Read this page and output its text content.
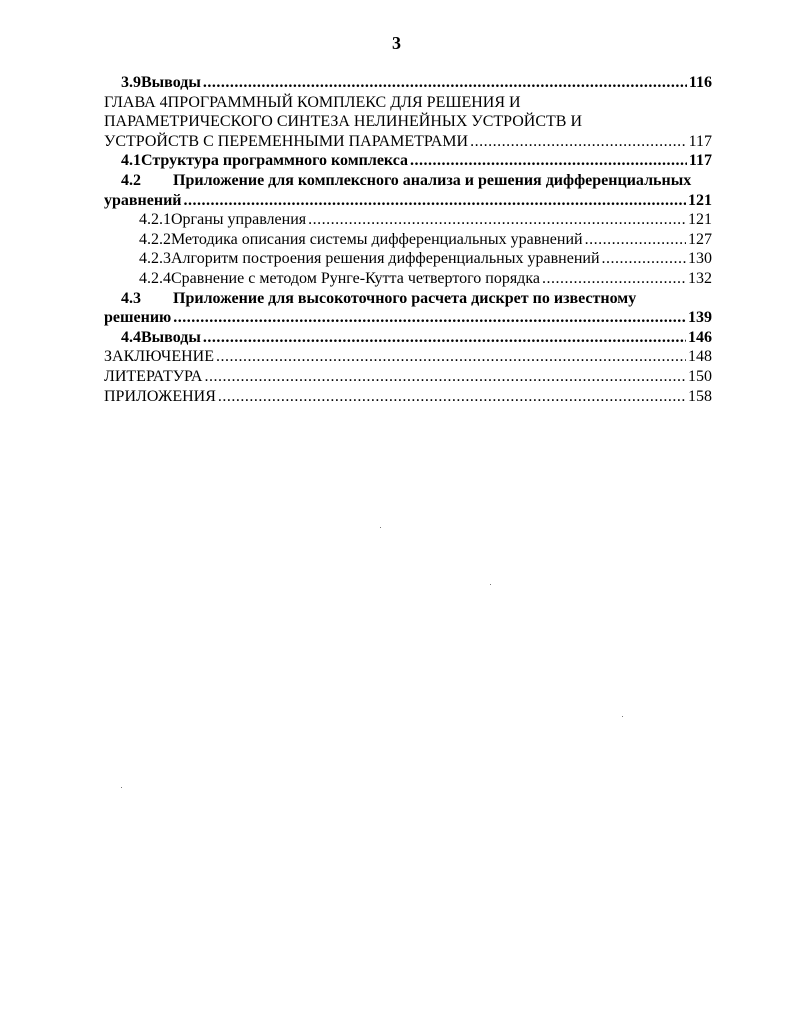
3
3.9 Выводы .....	116
ГЛАВА 4ПРОГРАММНЫЙ КОМПЛЕКС ДЛЯ РЕШЕНИЯ И
ПАРАМЕТРИЧЕСКОГО СИНТЕЗА НЕЛИНЕЙНЫХ УСТРОЙСТВ И
УСТРОЙСТВ С ПЕРЕМЕННЫМИ ПАРАМЕТРАМИ .....	117
4.1 Структура программного комплекса .....	117
4.2 Приложение для комплексного анализа и решения дифференциальных
уравнений .....	121
4.2.1 Органы управления .....	121
4.2.2 Методика описания системы дифференциальных уравнений .....	127
4.2.3 Алгоритм построения решения дифференциальных уравнений .....	130
4.2.4 Сравнение с методом Рунге-Кутта четвертого порядка .....	132
4.3 Приложение для высокоточного расчета дискрет по известному
решению .....	139
4.4 Выводы .....	146
ЗАКЛЮЧЕНИЕ .....	148
ЛИТЕРАТУРА .....	150
ПРИЛОЖЕНИЯ .....	158
